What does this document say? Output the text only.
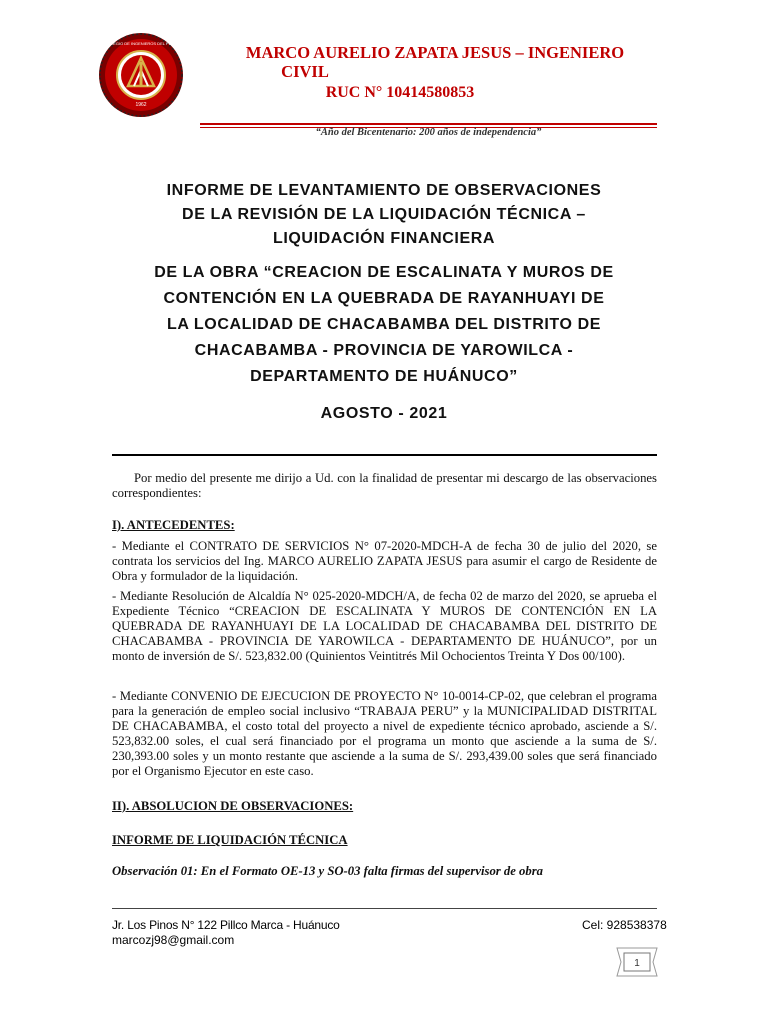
1962
COLEGIO DE INGENIEROS DEL PERÚ	MARCO AURELIO ZAPATA JESUS – INGENIERO
CIVIL
RUC N° 10414580853
“Año del Bicentenario: 200 años de independencia”
INFORME DE LEVANTAMIENTO DE OBSERVACIONES
DE LA REVISIÓN DE LA LIQUIDACIÓN TÉCNICA –
LIQUIDACIÓN FINANCIERA
DE LA OBRA “CREACION DE ESCALINATA Y MUROS DE
CONTENCIÓN EN LA QUEBRADA DE RAYANHUAYI DE
LA LOCALIDAD DE CHACABAMBA DEL DISTRITO DE
CHACABAMBA - PROVINCIA DE YAROWILCA -
DEPARTAMENTO DE HUÁNUCO”
AGOSTO - 2021
Por medio del presente me dirijo a Ud. con la finalidad de presentar mi descargo de las observaciones correspondientes:
I). ANTECEDENTES:
- Mediante el CONTRATO DE SERVICIOS N° 07-2020-MDCH-A de fecha 30 de julio del 2020, se contrata los servicios del Ing. MARCO AURELIO ZAPATA JESUS para asumir el cargo de Residente de Obra y formulador de la liquidación.
- Mediante Resolución de Alcaldía N° 025-2020-MDCH/A, de fecha 02 de marzo del 2020, se aprueba el Expediente Técnico “CREACION DE ESCALINATA Y MUROS DE CONTENCIÓN EN LA QUEBRADA DE RAYANHUAYI DE LA LOCALIDAD DE CHACABAMBA DEL DISTRITO DE CHACABAMBA - PROVINCIA DE YAROWILCA - DEPARTAMENTO DE HUÁNUCO”, por un monto de inversión de S/. 523,832.00 (Quinientos Veintitrés Mil Ochocientos Treinta Y Dos 00/100).
- Mediante CONVENIO DE EJECUCION DE PROYECTO N° 10-0014-CP-02, que celebran el programa para la generación de empleo social inclusivo “TRABAJA PERU” y la MUNICIPALIDAD DISTRITAL DE CHACABAMBA, el costo total del proyecto a nivel de expediente técnico aprobado, asciende a S/. 523,832.00 soles, el cual será financiado por el programa un monto que asciende a la suma de S/. 230,393.00 soles y un monto restante que asciende a la suma de S/. 293,439.00 soles que será financiado por el Organismo Ejecutor en este caso.
II). ABSOLUCION DE OBSERVACIONES:
INFORME DE LIQUIDACIÓN TÉCNICA
Observación 01: En el Formato OE-13 y SO-03 falta firmas del supervisor de obra
Jr. Los Pinos N° 122 Pillco Marca - Huánuco
marcozj98@gmail.com
Cel: 928538378
1
